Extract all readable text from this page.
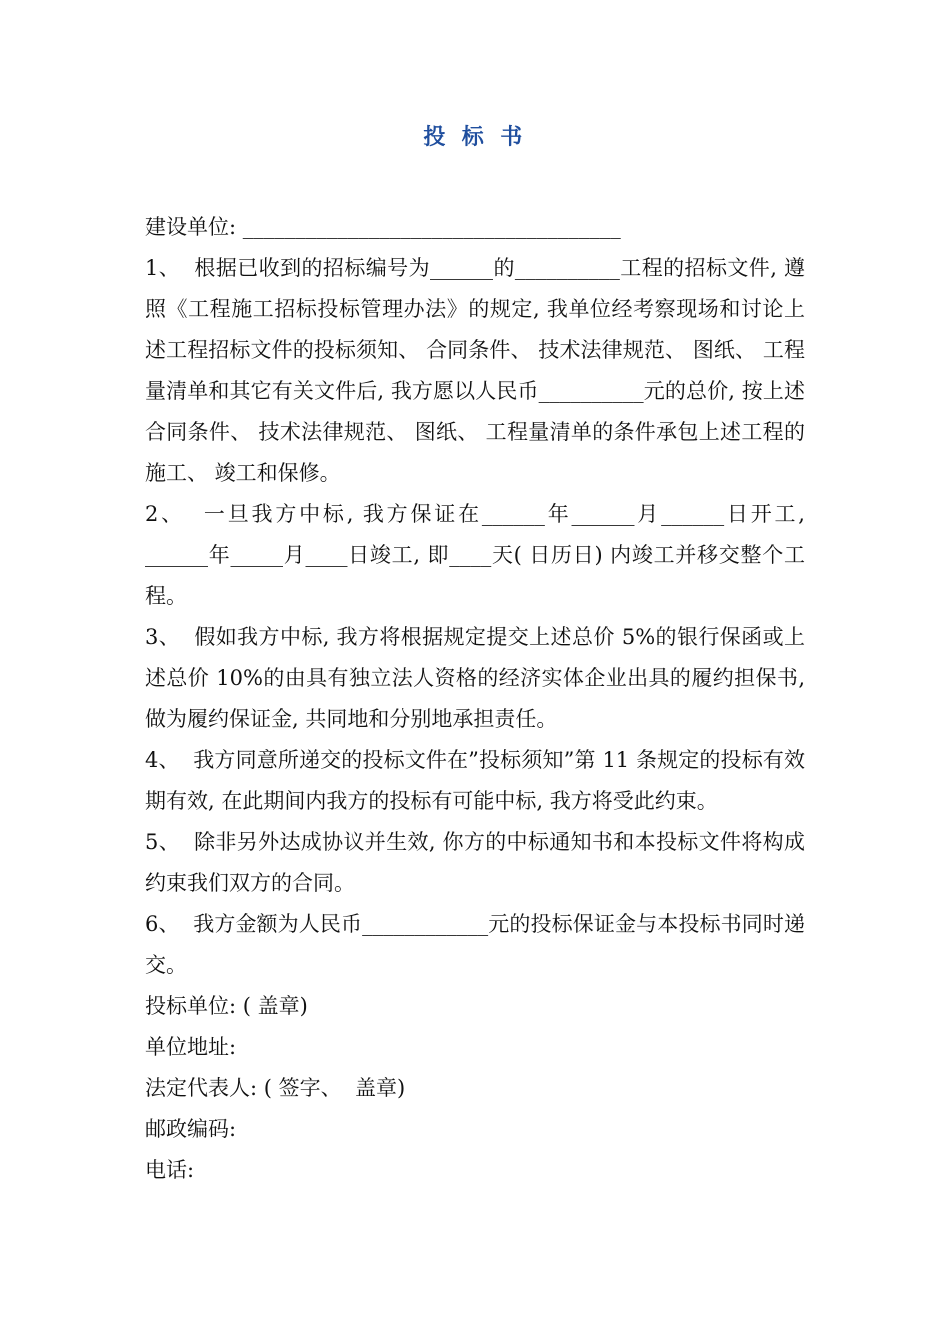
投 标 书

建设单位: ____________________________________

1、  根据已收到的招标编号为______的__________工程的招标文件, 遵照《工程施工招标投标管理办法》的规定, 我单位经考察现场和讨论上述工程招标文件的投标须知、 合同条件、 技术法律规范、 图纸、 工程量清单和其它有关文件后, 我方愿以人民币__________元的总价, 按上述合同条件、 技术法律规范、 图纸、 工程量清单的条件承包上述工程的施工、 竣工和保修。

2、  一旦我方中标, 我方保证在______年______月______日开工, ______年_____月____日竣工, 即____天( 日历日) 内竣工并移交整个工程。

3、  假如我方中标, 我方将根据规定提交上述总价 5%的银行保函或上述总价 10%的由具有独立法人资格的经济实体企业出具的履约担保书, 做为履约保证金, 共同地和分别地承担责任。

4、  我方同意所递交的投标文件在”投标须知”第 11 条规定的投标有效期有效, 在此期间内我方的投标有可能中标, 我方将受此约束。

5、  除非另外达成协议并生效, 你方的中标通知书和本投标文件将构成约束我们双方的合同。

6、  我方金额为人民币____________元的投标保证金与本投标书同时递交。

投标单位: ( 盖章)

单位地址:

法定代表人: ( 签字、  盖章)

邮政编码:

电话:
